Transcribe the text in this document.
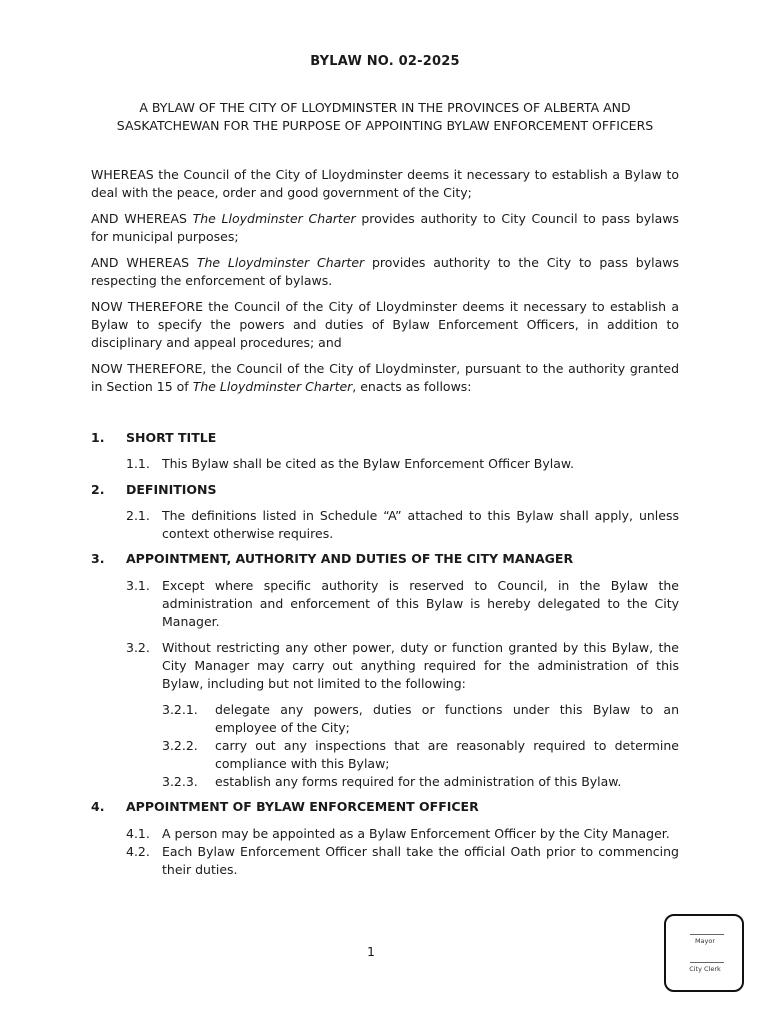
BYLAW NO. 02-2025
A BYLAW OF THE CITY OF LLOYDMINSTER IN THE PROVINCES OF ALBERTA AND
SASKATCHEWAN FOR THE PURPOSE OF APPOINTING BYLAW ENFORCEMENT OFFICERS

WHEREAS the Council of the City of Lloydminster deems it necessary to establish a Bylaw to deal with the peace, order and good government of the City;

AND WHEREAS The Lloydminster Charter provides authority to City Council to pass bylaws for municipal purposes;

AND WHEREAS The Lloydminster Charter provides authority to the City to pass bylaws respecting the enforcement of bylaws.

NOW THEREFORE the Council of the City of Lloydminster deems it necessary to establish a Bylaw to specify the powers and duties of Bylaw Enforcement Officers, in addition to disciplinary and appeal procedures; and

NOW THEREFORE, the Council of the City of Lloydminster, pursuant to the authority granted in Section 15 of The Lloydminster Charter, enacts as follows:

1. SHORT TITLE
1.1. This Bylaw shall be cited as the Bylaw Enforcement Officer Bylaw.

2. DEFINITIONS
2.1. The definitions listed in Schedule “A” attached to this Bylaw shall apply, unless context otherwise requires.

3. APPOINTMENT, AUTHORITY AND DUTIES OF THE CITY MANAGER
3.1. Except where specific authority is reserved to Council, in the Bylaw the administration and enforcement of this Bylaw is hereby delegated to the City Manager.

3.2. Without restricting any other power, duty or function granted by this Bylaw, the City Manager may carry out anything required for the administration of this Bylaw, including but not limited to the following:

3.2.1. delegate any powers, duties or functions under this Bylaw to an employee of the City;

3.2.2. carry out any inspections that are reasonably required to determine compliance with this Bylaw;

3.2.3. establish any forms required for the administration of this Bylaw.

4. APPOINTMENT OF BYLAW ENFORCEMENT OFFICER
4.1. A person may be appointed as a Bylaw Enforcement Officer by the City Manager.

4.2. Each Bylaw Enforcement Officer shall take the official Oath prior to commencing their duties.

1
Mayor
City Clerk
